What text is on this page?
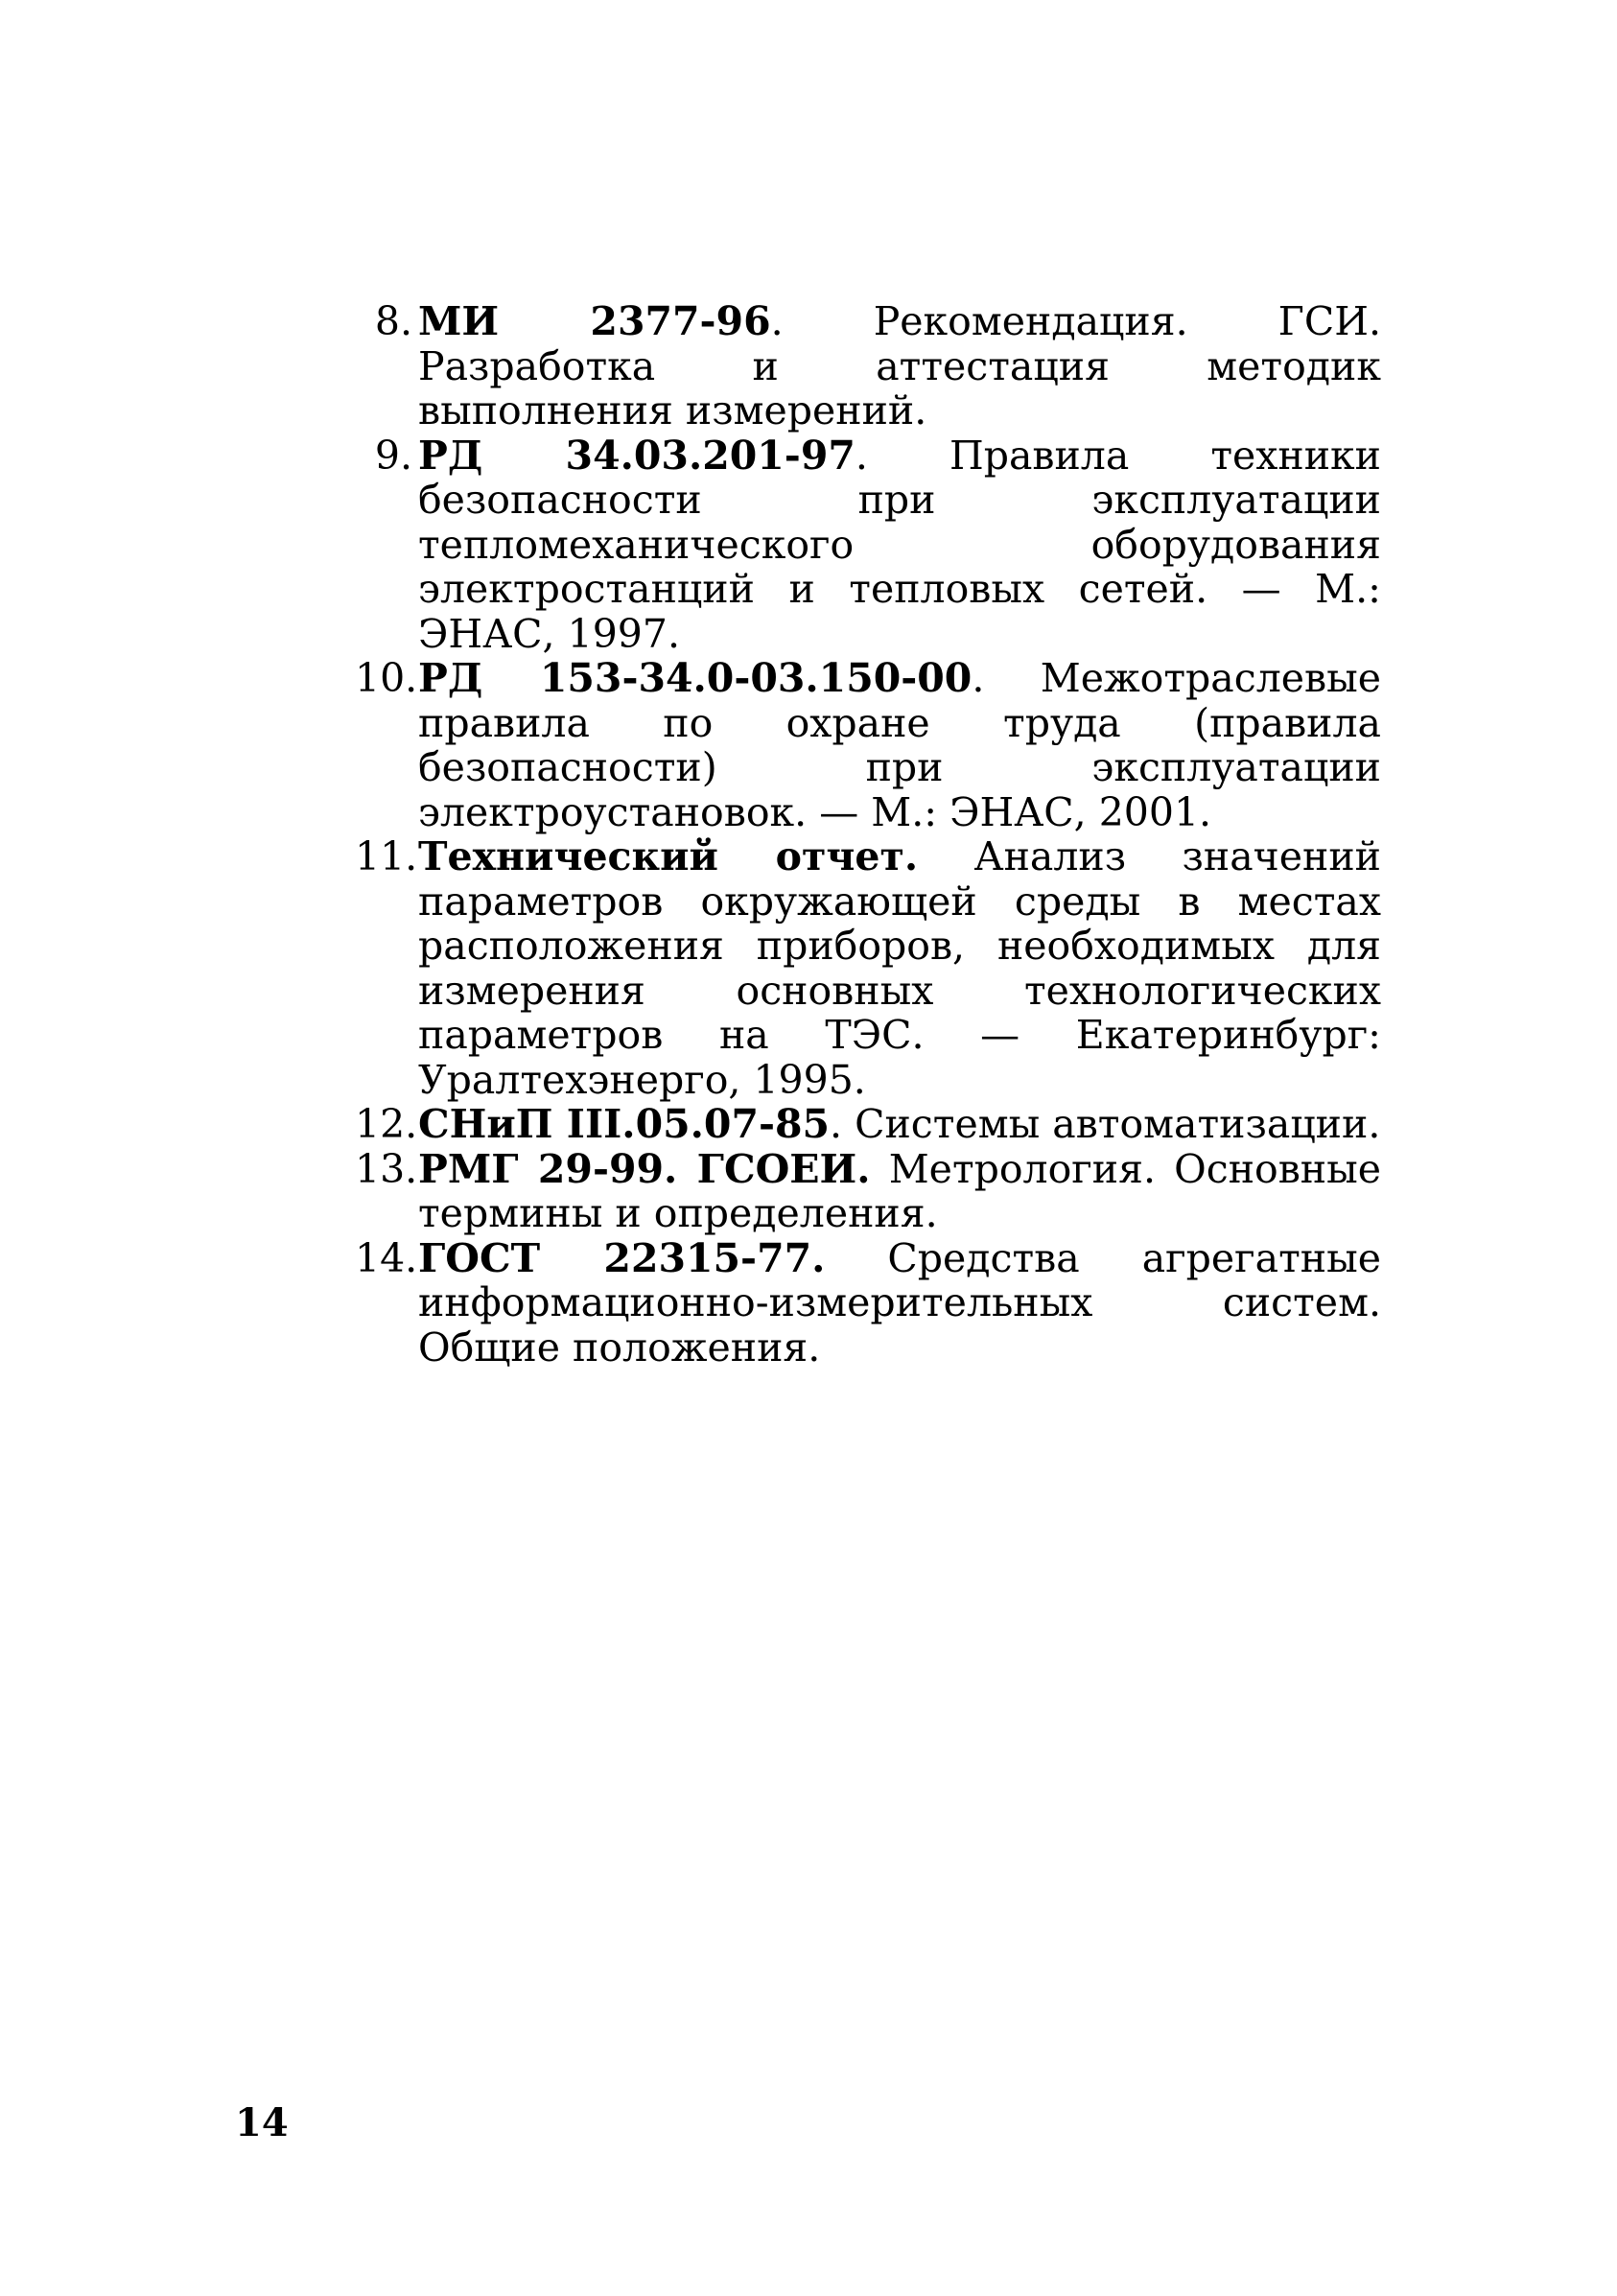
8. МИ 2377-96. Рекомендация. ГСИ. Разработка и аттестация методик выполнения измерений.
9. РД 34.03.201-97. Правила техники безопасности при эксплуатации тепломеханического оборудования электростанций и тепловых сетей. — М.: ЭНАС, 1997.
10. РД 153-34.0-03.150-00. Межотраслевые правила по охране труда (правила безопасности) при эксплуатации электроустановок. — М.: ЭНАС, 2001.
11. Технический отчет. Анализ значений параметров окружающей среды в местах расположения приборов, необходимых для измерения основных технологических параметров на ТЭС. — Екатеринбург: Уралтехэнерго, 1995.
12. СНиП III.05.07-85. Системы автоматизации.
13. РМГ 29-99. ГСОЕИ. Метрология. Основные термины и определения.
14. ГОСТ 22315-77. Средства агрегатные информационно-измерительных систем. Общие положения.
14
